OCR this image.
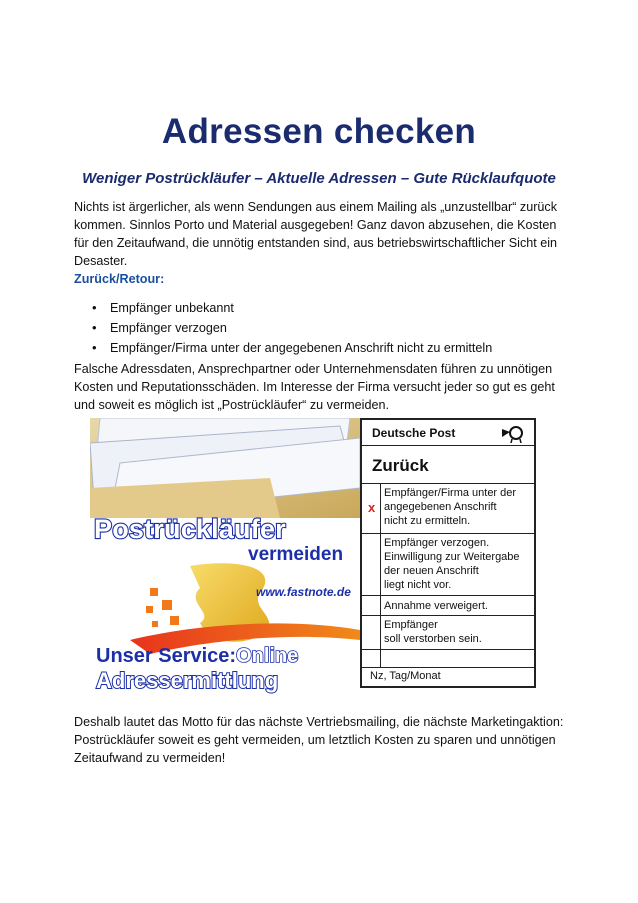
Adressen checken
Weniger Postrückläufer – Aktuelle Adressen – Gute Rücklaufquote

Nichts ist ärgerlicher, als wenn Sendungen aus einem Mailing als „unzustellbar“ zurück kommen. Sinnlos Porto und Material ausgegeben! Ganz davon abzusehen, die Kosten für den Zeitaufwand, die unnötig entstanden sind, aus betriebswirtschaftlicher Sicht ein Desaster.

Zurück/Retour:

• Empfänger unbekannt
• Empfänger verzogen
• Empfänger/Firma unter der angegebenen Anschrift nicht zu ermitteln

Falsche Adressdaten, Ansprechpartner oder Unternehmensdaten führen zu unnötigen Kosten und Reputationsschäden. Im Interesse der Firma versucht jeder so gut es geht und soweit es möglich ist „Postrückläufer“ zu vermeiden.

Postrückläufer
vermeiden
www.fastnote.de
Unser Service:Online
Adressermittlung
Deutsche Post
Zurück
x
Empfänger/Firma unter der
angegebenen Anschrift
nicht zu ermitteln.
Empfänger verzogen.
Einwilligung zur Weitergabe
der neuen Anschrift
liegt nicht vor.
Annahme verweigert.
Empfänger
soll verstorben sein.
Nz, Tag/Monat

Deshalb lautet das Motto für das nächste Vertriebsmailing, die nächste Marketingaktion: Postrückläufer soweit es geht vermeiden, um letztlich Kosten zu sparen und unnötigen Zeitaufwand zu vermeiden!
